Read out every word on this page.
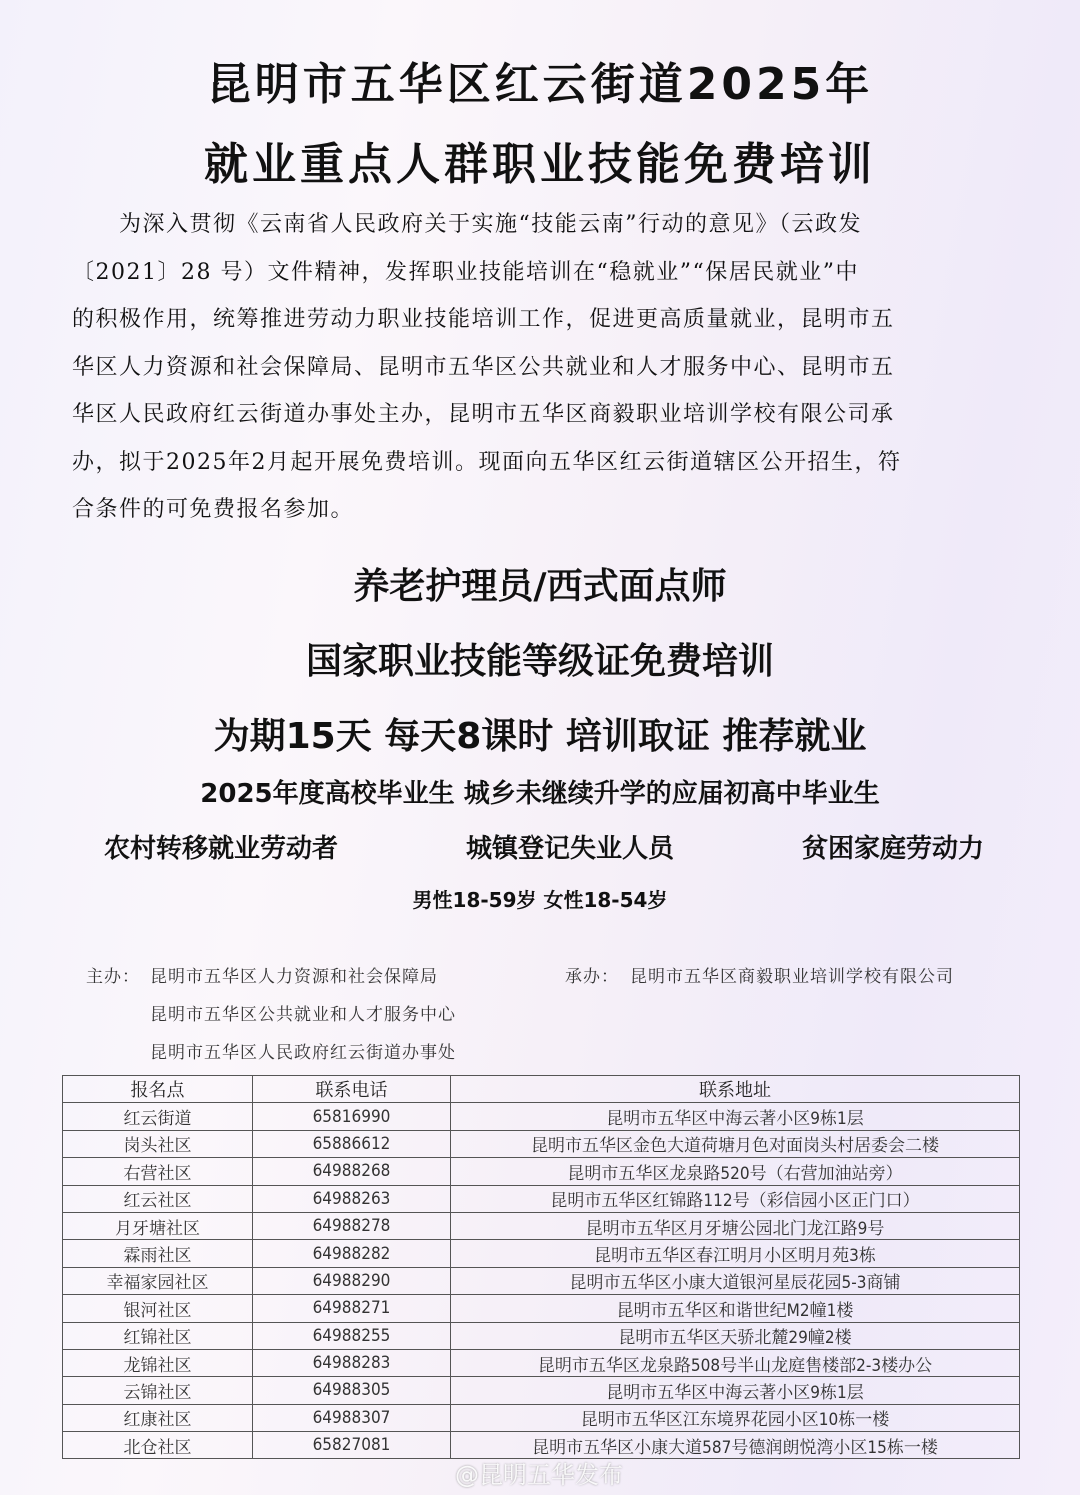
昆明市五华区红云街道2025年
就业重点人群职业技能免费培训
　　为深入贯彻《云南省人民政府关于实施“技能云南”行动的意见》（云政发
〔2021〕28 号）文件精神，发挥职业技能培训在“稳就业”“保居民就业”中
的积极作用，统筹推进劳动力职业技能培训工作，促进更高质量就业，昆明市五
华区人力资源和社会保障局、昆明市五华区公共就业和人才服务中心、昆明市五
华区人民政府红云街道办事处主办，昆明市五华区商毅职业培训学校有限公司承
办，拟于2025年2月起开展免费培训。现面向五华区红云街道辖区公开招生，符
合条件的可免费报名参加。
养老护理员/西式面点师
国家职业技能等级证免费培训
为期15天 每天8课时 培训取证 推荐就业
2025年度高校毕业生 城乡未继续升学的应届初高中毕业生
农村转移就业劳动者	城镇登记失业人员	贫困家庭劳动力
男性18-59岁 女性18-54岁
主办： 昆明市五华区人力资源和社会保障局
昆明市五华区公共就业和人才服务中心
昆明市五华区人民政府红云街道办事处
承办： 昆明市五华区商毅职业培训学校有限公司
报名点	联系电话	联系地址
红云街道	65816990	昆明市五华区中海云著小区9栋1层
岗头社区	65886612	昆明市五华区金色大道荷塘月色对面岗头村居委会二楼
右营社区	64988268	昆明市五华区龙泉路520号（右营加油站旁）
红云社区	64988263	昆明市五华区红锦路112号（彩信园小区正门口）
月牙塘社区	64988278	昆明市五华区月牙塘公园北门龙江路9号
霖雨社区	64988282	昆明市五华区春江明月小区明月苑3栋
幸福家园社区	64988290	昆明市五华区小康大道银河星辰花园5-3商铺
银河社区	64988271	昆明市五华区和谐世纪M2幢1楼
红锦社区	64988255	昆明市五华区天骄北麓29幢2楼
龙锦社区	64988283	昆明市五华区龙泉路508号半山龙庭售楼部2-3楼办公
云锦社区	64988305	昆明市五华区中海云著小区9栋1层
红康社区	64988307	昆明市五华区江东境界花园小区10栋一楼
北仓社区	65827081	昆明市五华区小康大道587号德润朗悦湾小区15栋一楼
@昆明五华发布
